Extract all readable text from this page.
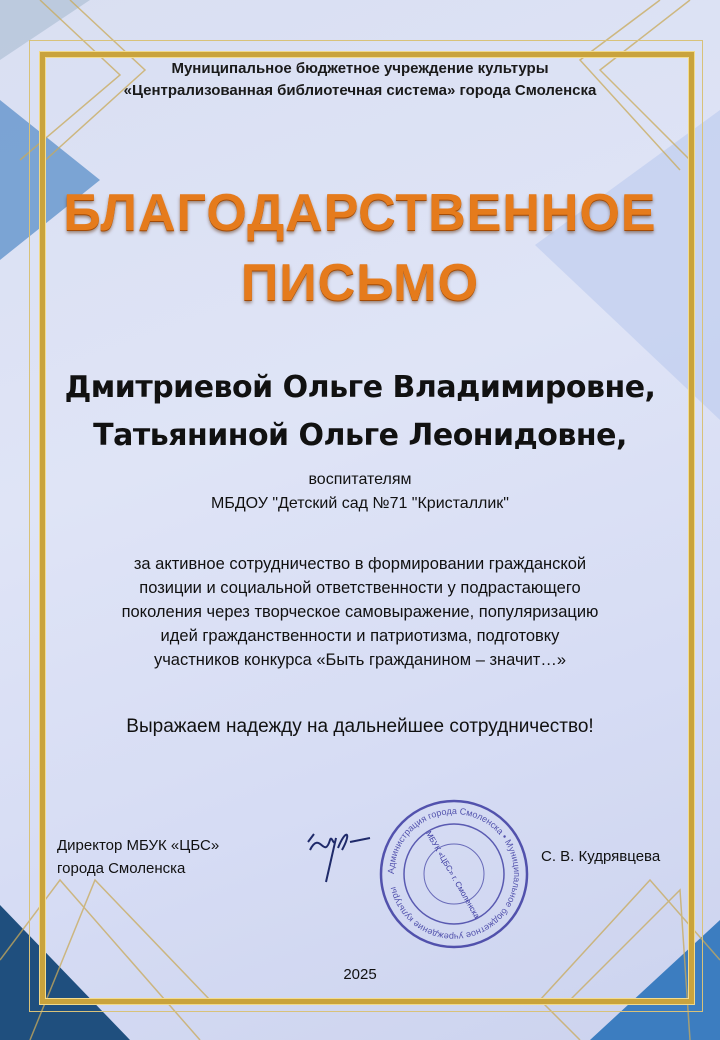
Муниципальное бюджетное учреждение культуры
«Централизованная библиотечная система» города Смоленска
БЛАГОДАРСТВЕННОЕ
ПИСЬМО
Дмитриевой Ольге Владимировне,
Татьяниной Ольге Леонидовне,
воспитателям
МБДОУ "Детский сад №71 "Кристаллик"
за активное сотрудничество в формировании гражданской
позиции и социальной ответственности у подрастающего
поколения через творческое самовыражение, популяризацию
идей гражданственности и патриотизма, подготовку
участников конкурса «Быть гражданином – значит…»
Выражаем надежду на дальнейшее сотрудничество!
Директор МБУК «ЦБС»
города Смоленска	Администрация города Смоленска • Муниципальное бюджетное учреждение культуры	МБУК «ЦБС» г. Смоленска	С. В. Кудрявцева
2025
